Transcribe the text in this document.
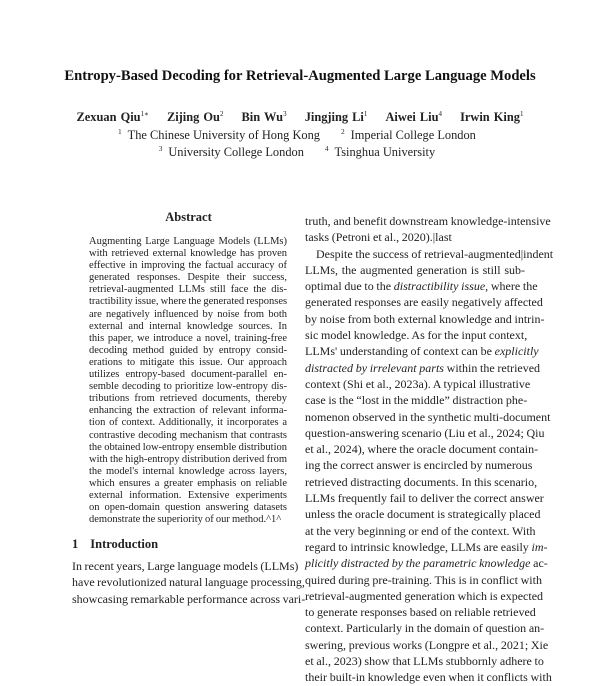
Entropy-Based Decoding for Retrieval-Augmented Large Language Models
Zexuan Qiu$^{1∗}$ Zijing Ou$^2$ Bin Wu$^3$ Jingjing Li$^1$ Aiwei Liu$^4$ Irwin King$^1$
$^1$ The Chinese University of Hong Kong	$^2$ Imperial College London
$^3$ University College London	$^4$ Tsinghua University
Abstract
Augmenting Large Language Models (LLMs)
with retrieved external knowledge has proven
effective in improving the factual accuracy of
generated responses. Despite their success,
retrieval-augmented LLMs still face the dis-
tractibility issue, where the generated responses
are negatively influenced by noise from both
external and internal knowledge sources. In
this paper, we introduce a novel, training-free
decoding method guided by entropy consid-
erations to mitigate this issue. Our approach
utilizes entropy-based document-parallel en-
semble decoding to prioritize low-entropy dis-
tributions from retrieved documents, thereby
enhancing the extraction of relevant informa-
tion of context. Additionally, it incorporates a
contrastive decoding mechanism that contrasts
the obtained low-entropy ensemble distribution
with the high-entropy distribution derived from
the model's internal knowledge across layers,
which ensures a greater emphasis on reliable
external information. Extensive experiments
on open-domain question answering datasets
demonstrate the superiority of our method.^1^
1 Introduction
In recent years, Large language models (LLMs)
have revolutionized natural language processing,
showcasing remarkable performance across vari-
truth, and benefit downstream knowledge-intensive
tasks (Petroni et al., 2020).|last
Despite the success of retrieval-augmented|indent
LLMs, the augmented generation is still sub-
optimal due to the distractibility issue, where the
generated responses are easily negatively affected
by noise from both external knowledge and intrin-
sic model knowledge. As for the input context,
LLMs' understanding of context can be explicitly
distracted by irrelevant parts within the retrieved
context (Shi et al., 2023a). A typical illustrative
case is the “lost in the middle” distraction phe-
nomenon observed in the synthetic multi-document
question-answering scenario (Liu et al., 2024; Qiu
et al., 2024), where the oracle document contain-
ing the correct answer is encircled by numerous
retrieved distracting documents. In this scenario,
LLMs frequently fail to deliver the correct answer
unless the oracle document is strategically placed
at the very beginning or end of the context. With
regard to intrinsic knowledge, LLMs are easily im-
plicitly distracted by the parametric knowledge ac-
quired during pre-training. This is in conflict with
retrieval-augmented generation which is expected
to generate responses based on reliable retrieved
context. Particularly in the domain of question an-
swering, previous works (Longpre et al., 2021; Xie
et al., 2023) show that LLMs stubbornly adhere to
their built-in knowledge even when it conflicts with
